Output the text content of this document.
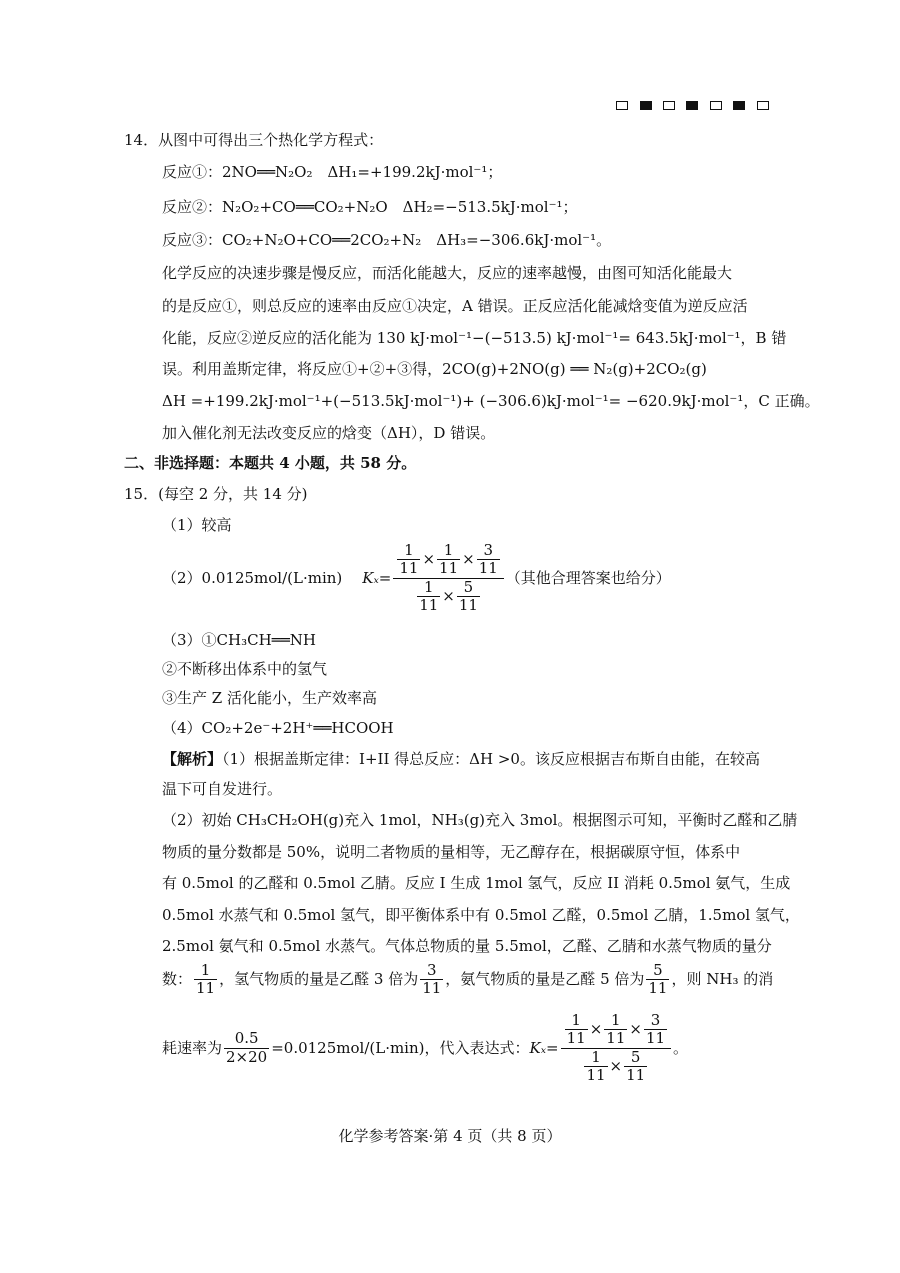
14．从图中可得出三个热化学方程式：
反应①：2NO══N₂O₂　ΔH₁=+199.2kJ·mol⁻¹；
反应②：N₂O₂+CO══CO₂+N₂O　ΔH₂=−513.5kJ·mol⁻¹；
反应③：CO₂+N₂O+CO══2CO₂+N₂　ΔH₃=−306.6kJ·mol⁻¹。
化学反应的决速步骤是慢反应，而活化能越大，反应的速率越慢，由图可知活化能最大
的是反应①，则总反应的速率由反应①决定，A 错误。正反应活化能减焓变值为逆反应活
化能，反应②逆反应的活化能为 130 kJ·mol⁻¹−(−513.5) kJ·mol⁻¹= 643.5kJ·mol⁻¹，B 错
误。利用盖斯定律，将反应①+②+③得，2CO(g)+2NO(g) ══ N₂(g)+2CO₂(g)
ΔH =+199.2kJ·mol⁻¹+(−513.5kJ·mol⁻¹)+ (−306.6)kJ·mol⁻¹= −620.9kJ·mol⁻¹，C 正确。
加入催化剂无法改变反应的焓变（ΔH），D 错误。
二、非选择题：本题共 4 小题，共 58 分。
15．(每空 2 分，共 14 分)
（1）较高
（2）0.0125mol/(L·min) $K_x= \frac{\frac{1}{11} \times \frac{1}{11} \times \frac{3}{11}}{\frac{1}{11} \times \frac{5}{11}}$ （其他合理答案也给分）
（3）①CH₃CH══NH
②不断移出体系中的氢气
③生产 Z 活化能小，生产效率高
（4）CO₂+2e⁻+2H⁺══HCOOH
【解析】（1）根据盖斯定律：I+II 得总反应：ΔH >0。该反应根据吉布斯自由能，在较高
温下可自发进行。
（2）初始 CH₃CH₂OH(g)充入 1mol，NH₃(g)充入 3mol。根据图示可知，平衡时乙醛和乙腈
物质的量分数都是 50%，说明二者物质的量相等，无乙醇存在，根据碳原守恒，体系中
有 0.5mol 的乙醛和 0.5mol 乙腈。反应 I 生成 1mol 氢气，反应 II 消耗 0.5mol 氨气，生成
0.5mol 水蒸气和 0.5mol 氢气，即平衡体系中有 0.5mol 乙醛，0.5mol 乙腈，1.5mol 氢气，
2.5mol 氨气和 0.5mol 水蒸气。气体总物质的量 5.5mol，乙醛、乙腈和水蒸气物质的量分
数： $\frac{1}{11}$ ，氢气物质的量是乙醛 3 倍为 $\frac{3}{11}$ ，氨气物质的量是乙醛 5 倍为 $\frac{5}{11}$ ，则 NH₃ 的消
耗速率为 $\frac{0.5}{2\times 20} =0.0125mol/(L\cdot\min)$，代入表达式： $K_x= \frac{\frac{1}{11} \times \frac{1}{11} \times \frac{3}{11}}{\frac{1}{11} \times \frac{5}{11}}$ 。
化学参考答案·第 4 页（共 8 页）
